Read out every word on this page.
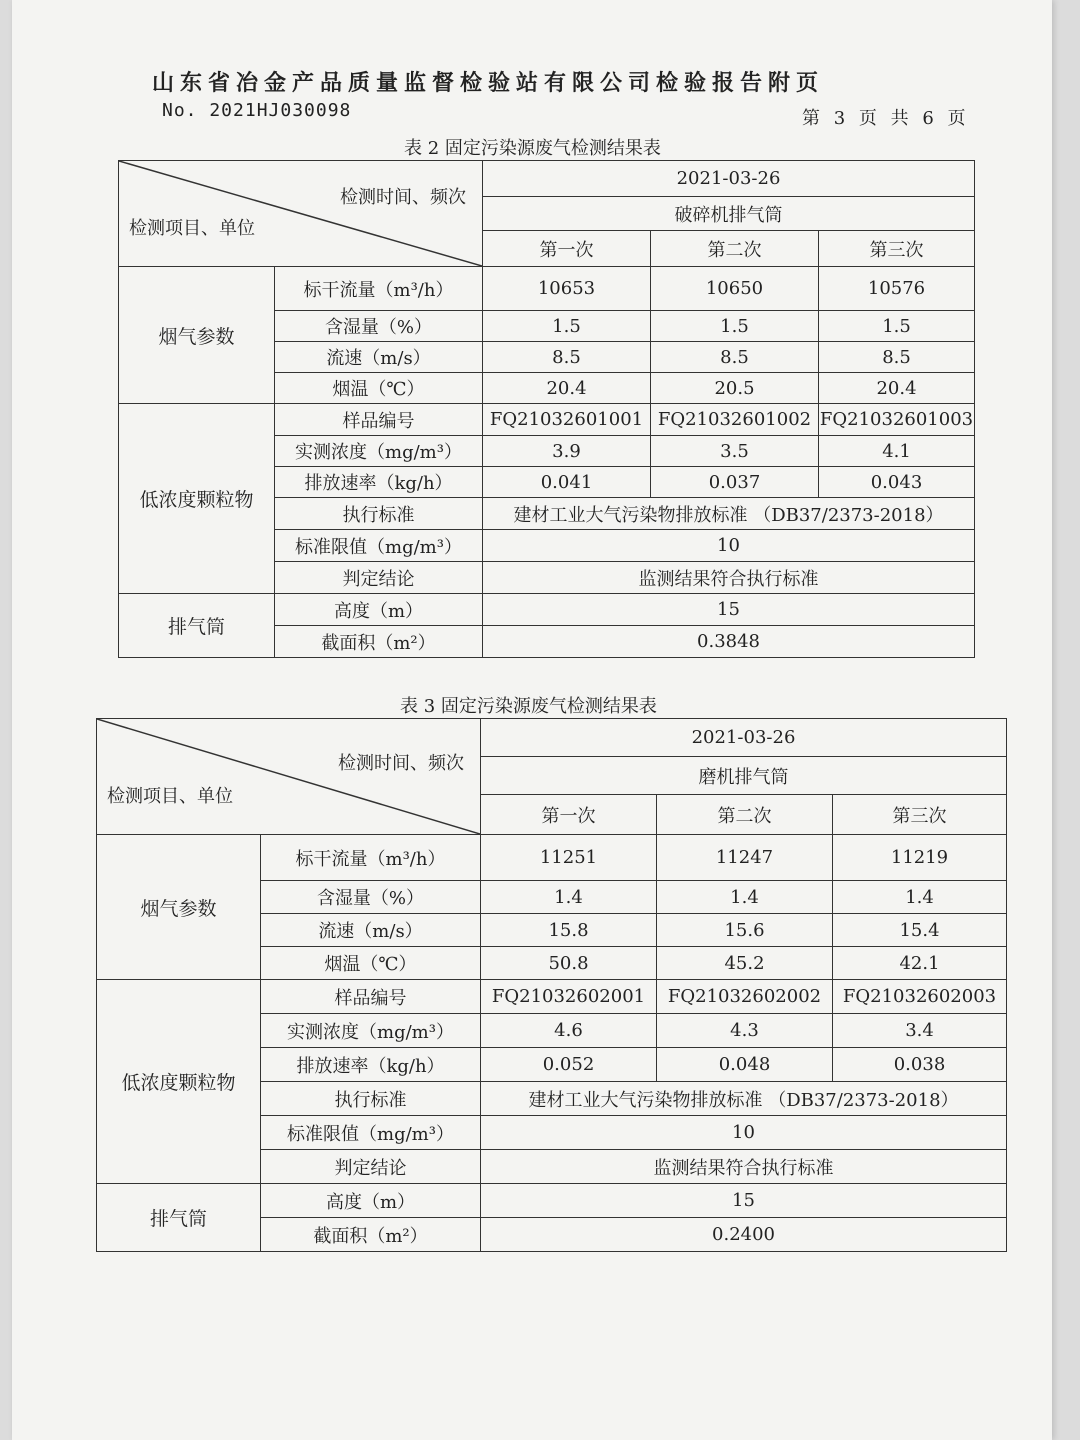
山东省冶金产品质量监督检验站有限公司检验报告附页
No. 2021HJ030098	第 3 页 共 6 页
表 2 固定污染源废气检测结果表
检测时间、频次
检测项目、单位		2021-03-26		
		破碎机排气筒		
		第一次	第二次	第三次
烟气参数	标干流量（m³/h）	10653	10650	10576
	含湿量（%）	1.5	1.5	1.5
	流速（m/s）	8.5	8.5	8.5
	烟温（℃）	20.4	20.5	20.4
低浓度颗粒物	样品编号	FQ21032601001	FQ21032601002	FQ21032601003
	实测浓度（mg/m³）	3.9	3.5	4.1
	排放速率（kg/h）	0.041	0.037	0.043
	执行标准	建材工业大气污染物排放标准 （DB37/2373-2018）		
	标准限值（mg/m³）	10		
	判定结论	监测结果符合执行标准		
排气筒	高度（m）	15		
	截面积（m²）	0.3848		
表 3 固定污染源废气检测结果表
检测时间、频次
检测项目、单位		2021-03-26		
		磨机排气筒		
		第一次	第二次	第三次
烟气参数	标干流量（m³/h）	11251	11247	11219
	含湿量（%）	1.4	1.4	1.4
	流速（m/s）	15.8	15.6	15.4
	烟温（℃）	50.8	45.2	42.1
低浓度颗粒物	样品编号	FQ21032602001	FQ21032602002	FQ21032602003
	实测浓度（mg/m³）	4.6	4.3	3.4
	排放速率（kg/h）	0.052	0.048	0.038
	执行标准	建材工业大气污染物排放标准 （DB37/2373-2018）		
	标准限值（mg/m³）	10		
	判定结论	监测结果符合执行标准		
排气筒	高度（m）	15		
	截面积（m²）	0.2400		
